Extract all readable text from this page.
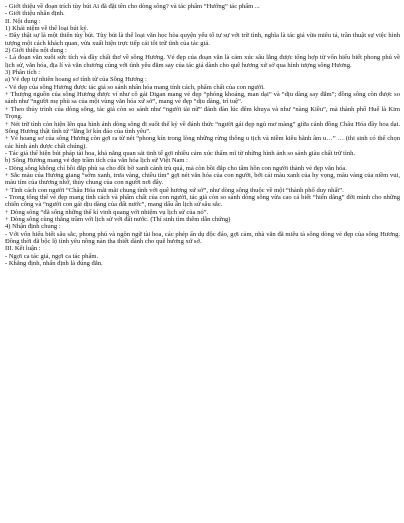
- Giới thiệu về đoạn trích tùy bút Ai đã đặt tên cho dòng sông? và tác phẩm “Hướng” tác phẩm ...
- Giới thiệu nhân định.
II. Nội dung :
1) Khái niệm về thể loại bút ký.
- Đây thật sự là một thiên tùy bút. Tùy bút là thể loại văn học hòa quyện yếu tố tự sự với trữ tình, nghĩa là tác giả vừa miêu tả, trần thuật sự việc hình tượng một cách khách quan, vừa xuất hiện trực tiếp cái tôi trữ tình của tác giả.
2) Giới thiệu nội dung :
- Là đoạn văn xuôi sức tích và đầy chất thơ về sông Hương. Vẻ đẹp của đoạn văn là cảm xúc sâu lắng được tổng hợp từ vốn hiểu biết phong phú về lịch sử, văn hóa, địa lí và văn chương cùng với tình yêu đằm say của tác giả dành cho quê hương xứ sở qua hình tượng sông Hương.
3) Phân tích :
a) Vẻ đẹp tự nhiên hoang sơ tính từ của Sông Hương :
- Vẻ đẹp của sông Hương được tác giả so sánh nhân hóa mang tính cách, phẩm chất của con người.
+ Thượng nguồn của sông Hương được ví như cô gái Digan mang vẻ đẹp “phóng khoáng, man dại” và “dịu dàng say đắm”; đồng sông còn được so sánh như “người mẹ phù sa của một vùng văn hóa xứ sở”, mang vẻ đẹp “dịu dàng, trí tuệ”.
+ Theo thủy trình của dòng sông, tác giả còn so sánh như “người tài nữ” đánh đàn lúc đêm khuya và như “nàng Kiều”, mà thành phố Huế là Kim Trọng.
+ Nét trữ tình còn hiện lên qua hình ảnh dòng sông đi suốt thế kỷ về đánh thức “người gái đẹp ngủ mơ màng” giữa cánh đồng Châu Hóa đầy hoa dại. Sông Hương thật tình tứ “lẳng lơ kín đáo của tình yêu”.
+ Vẻ hoang sơ của sông Hương còn gợi ra từ nét “phong kín trong lòng những rừng thông u tịch và niềm kiêu hãnh âm u…” … (thi sinh có thể chọn các hình ảnh được chất chúng).
- Tác giả thể hiện bút pháp tài hoa, khả năng quan sát tinh tế gợi nhiều cảm xúc thẩm mĩ từ những hình ảnh so sánh giàu chất trữ tình.
b) Sông Hương mang vẻ đẹp trầm tích của văn hóa lịch sử Việt Nam :
- Dòng sông không chỉ bồi đắp phù sa cho đôi bờ xanh cánh trù quả, mà còn bồi đắp cho tâm hồn con người thành vẻ đẹp văn hóa.
+ Sắc màu của Hương giang “sớm xanh, trưa vàng, chiều tím” gợi nét văn hóa của con người, bởi cái màu xanh của hy vọng, màu vàng của niềm vui, màu tím của thương nhớ, thủy chung của con người nơi đây.
+ Tình cách con người “Châu Hóa mãi mãi chung tình với quê hương xứ sở”, như dòng sông thuộc về một “thành phố duy nhất”.
- Trong tổng thể vẻ đẹp mang tính cách và phẩm chất của con người, tác giả còn so sánh dòng sông vừa cao cả biết “hiến dâng” đời mình cho những chiến công và “người con gái dịu dàng của đất nước”, mang dấu ấn lịch sử sâu sắc.
+ Dòng sông “đã sống những thế kỉ vinh quang với nhiệm vụ lịch sử của nó”.
+ Dòng sông cùng thăng trầm với lịch sử với đất nước. (Thí sinh tìm thêm dẫn chứng)
4) Nhận định chung :
- Với vốn hiểu biết sâu sắc, phong phú và ngôn ngữ tài hoa, các phép ẩn dụ độc đáo, gợi cảm, nhà văn đã miêu tả sông dòng vẻ đẹp của sông Hương. Đồng thời đã bộc lộ tình yêu nồng nàn tha thiết dành cho quê hương xứ sở.
III. Kết luận :
- Ngợi ca tác giả, ngợi ca tác phẩm.
- Khẳng định, nhấn định là đúng đắn.
